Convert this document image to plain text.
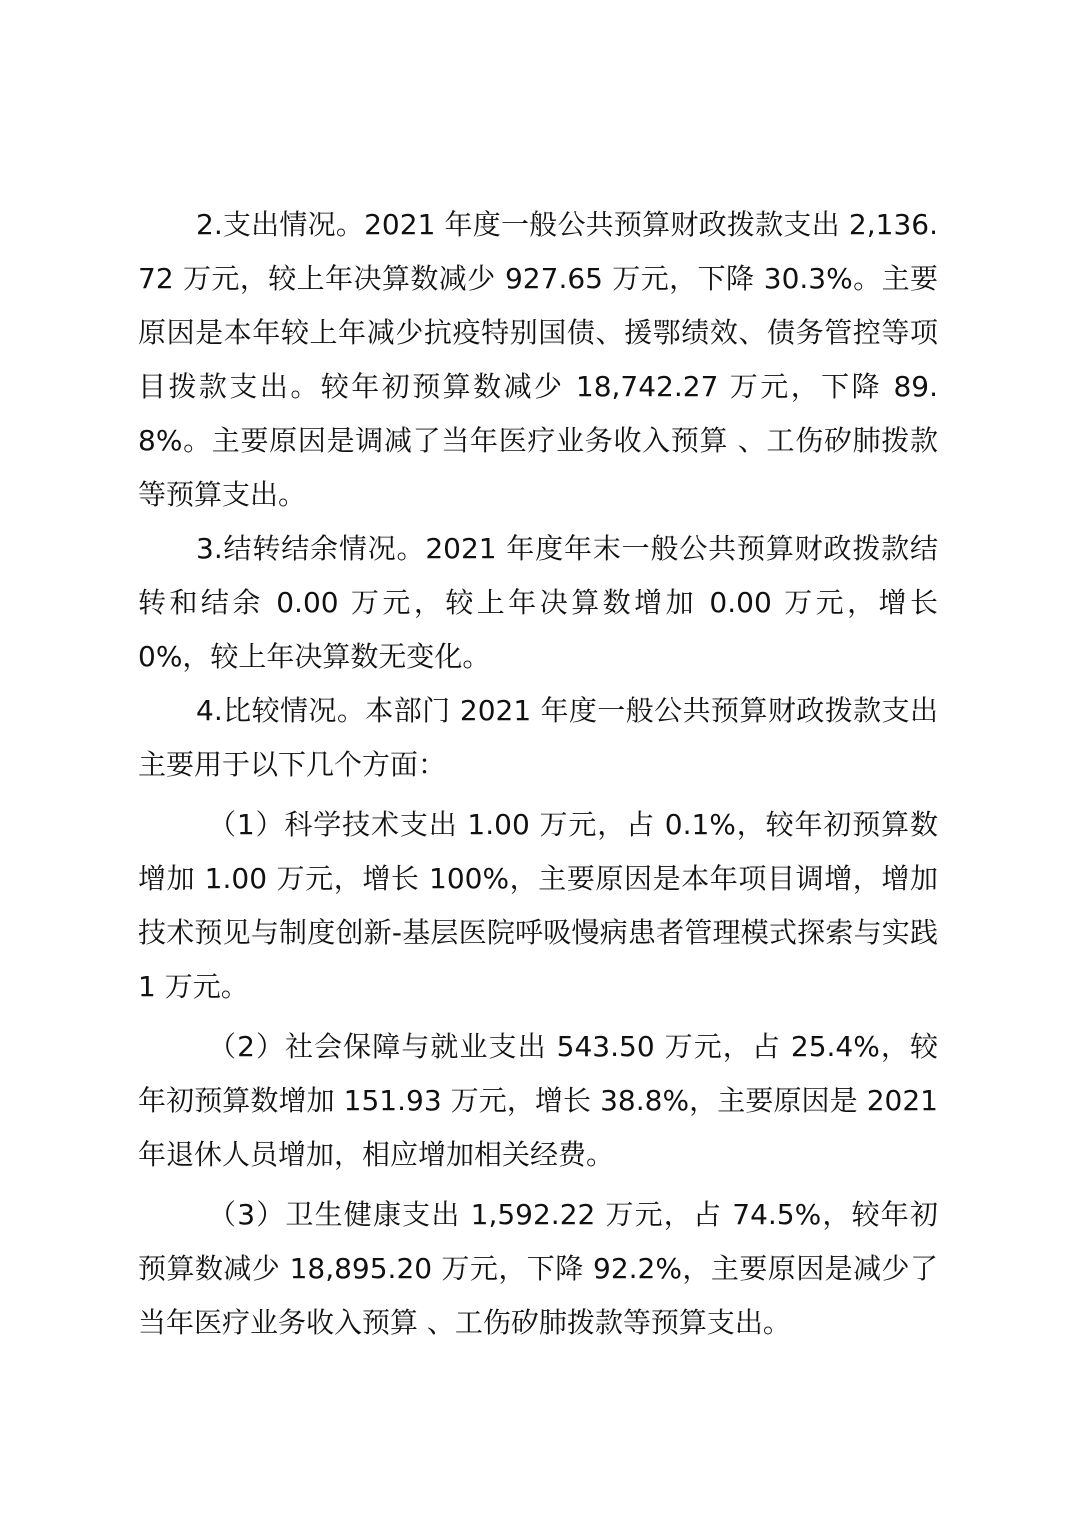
2.支出情况。2021 年度一般公共预算财政拨款支出 2,136.72 万元，较上年决算数减少 927.65 万元，下降 30.3%。主要原因是本年较上年减少抗疫特别国债、援鄂绩效、债务管控等项目拨款支出。较年初预算数减少 18,742.27 万元，下降 89.8%。主要原因是调减了当年医疗业务收入预算 、工伤矽肺拨款等预算支出。

3.结转结余情况。2021 年度年末一般公共预算财政拨款结转和结余 0.00 万元，较上年决算数增加 0.00 万元，增长 0%，较上年决算数无变化。

4.比较情况。本部门 2021 年度一般公共预算财政拨款支出主要用于以下几个方面：

（1）科学技术支出 1.00 万元，占 0.1%，较年初预算数增加 1.00 万元，增长 100%，主要原因是本年项目调增，增加技术预见与制度创新-基层医院呼吸慢病患者管理模式探索与实践 1 万元。

（2）社会保障与就业支出 543.50 万元，占 25.4%，较年初预算数增加 151.93 万元，增长 38.8%，主要原因是 2021 年退休人员增加，相应增加相关经费。

（3）卫生健康支出 1,592.22 万元，占 74.5%，较年初预算数减少 18,895.20 万元，下降 92.2%，主要原因是减少了当年医疗业务收入预算 、工伤矽肺拨款等预算支出。
